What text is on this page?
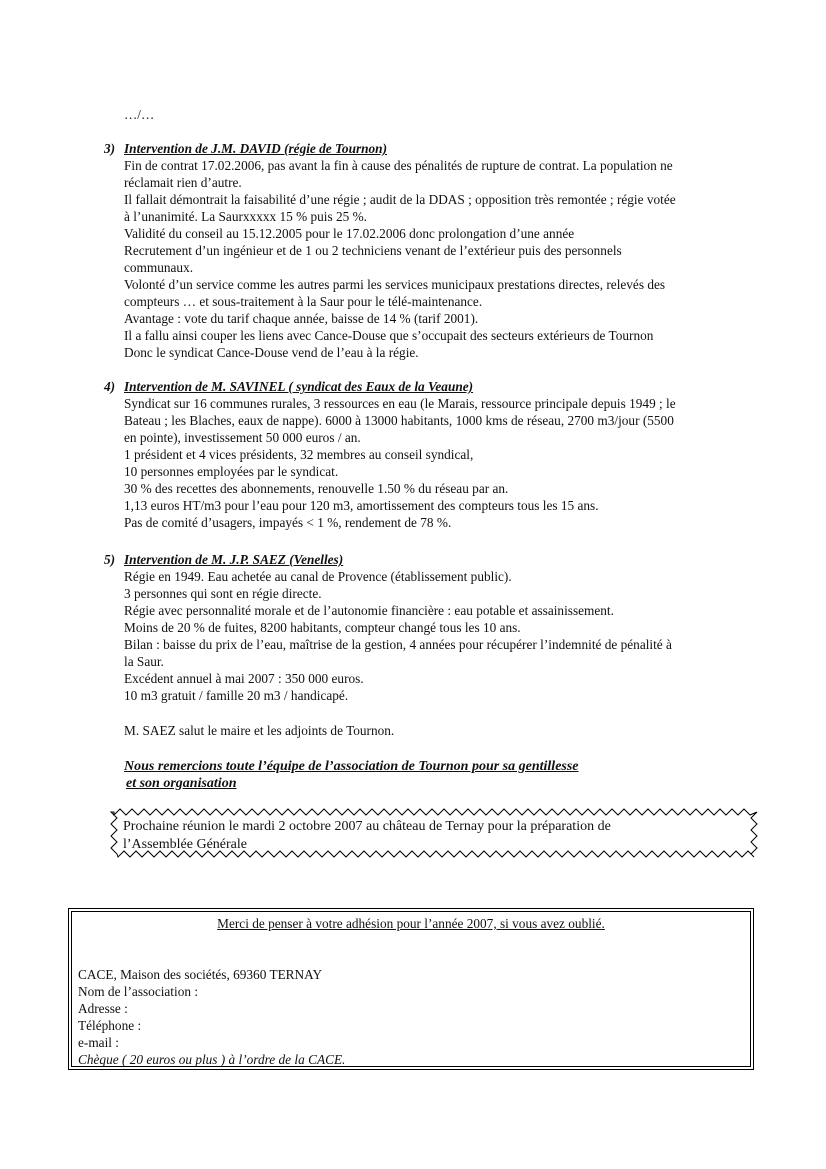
…/…

3) Intervention de J.M. DAVID (régie de Tournon)

Fin de contrat 17.02.2006, pas avant la fin à cause des pénalités de rupture de contrat. La population ne

réclamait rien d’autre.

Il fallait démontrait la faisabilité d’une régie ; audit de la DDAS ; opposition très remontée ; régie votée

à l’unanimité. La Saurxxxxx 15 % puis 25 %.

Validité du conseil au 15.12.2005 pour le 17.02.2006 donc prolongation d’une année

Recrutement d’un ingénieur et de 1 ou 2 techniciens venant de l’extérieur puis des personnels

communaux.

Volonté d’un service comme les autres parmi les services municipaux prestations directes, relevés des

compteurs … et sous-traitement à la Saur pour le télé-maintenance.

Avantage : vote du tarif chaque année, baisse de 14 % (tarif 2001).

Il a fallu ainsi couper les liens avec Cance-Douse que s’occupait des secteurs extérieurs de Tournon

Donc le syndicat Cance-Douse vend de l’eau à la régie.

4) Intervention de M. SAVINEL ( syndicat des Eaux de la Veaune)

Syndicat sur 16 communes rurales, 3 ressources en eau (le Marais, ressource principale depuis 1949 ; le

Bateau ; les Blaches, eaux de nappe). 6000 à 13000 habitants, 1000 kms de réseau, 2700 m3/jour (5500

en pointe), investissement 50 000 euros / an.

1 président et 4 vices présidents, 32 membres au conseil syndical,

10 personnes employées par le syndicat.

30 % des recettes des abonnements, renouvelle 1.50 % du réseau par an.

1,13 euros HT/m3 pour l’eau pour 120 m3, amortissement des compteurs tous les 15 ans.

Pas de comité d’usagers, impayés < 1 %, rendement de 78 %.

5) Intervention de M. J.P. SAEZ (Venelles)

Régie en 1949. Eau achetée au canal de Provence (établissement public).

3 personnes qui sont en régie directe.

Régie avec personnalité morale et de l’autonomie financière : eau potable et assainissement.

Moins de 20 % de fuites, 8200 habitants, compteur changé tous les 10 ans.

Bilan : baisse du prix de l’eau, maîtrise de la gestion, 4 années pour récupérer l’indemnité de pénalité à

la Saur.

Excédent annuel à mai 2007 : 350 000 euros.

10 m3 gratuit / famille 20 m3 / handicapé.

M. SAEZ salut le maire et les adjoints de Tournon.

Nous remercions toute l’équipe de l’association de Tournon pour sa gentillesse

et son organisation

Prochaine réunion le mardi 2 octobre 2007 au château de Ternay pour la préparation de
l’Assemblée Générale

Merci de penser à votre adhésion pour l’année 2007, si vous avez oublié.

CACE, Maison des sociétés, 69360 TERNAY

Nom de l’association :

Adresse :

Téléphone :

e-mail :

Chèque ( 20 euros ou plus ) à l’ordre de la CACE.
